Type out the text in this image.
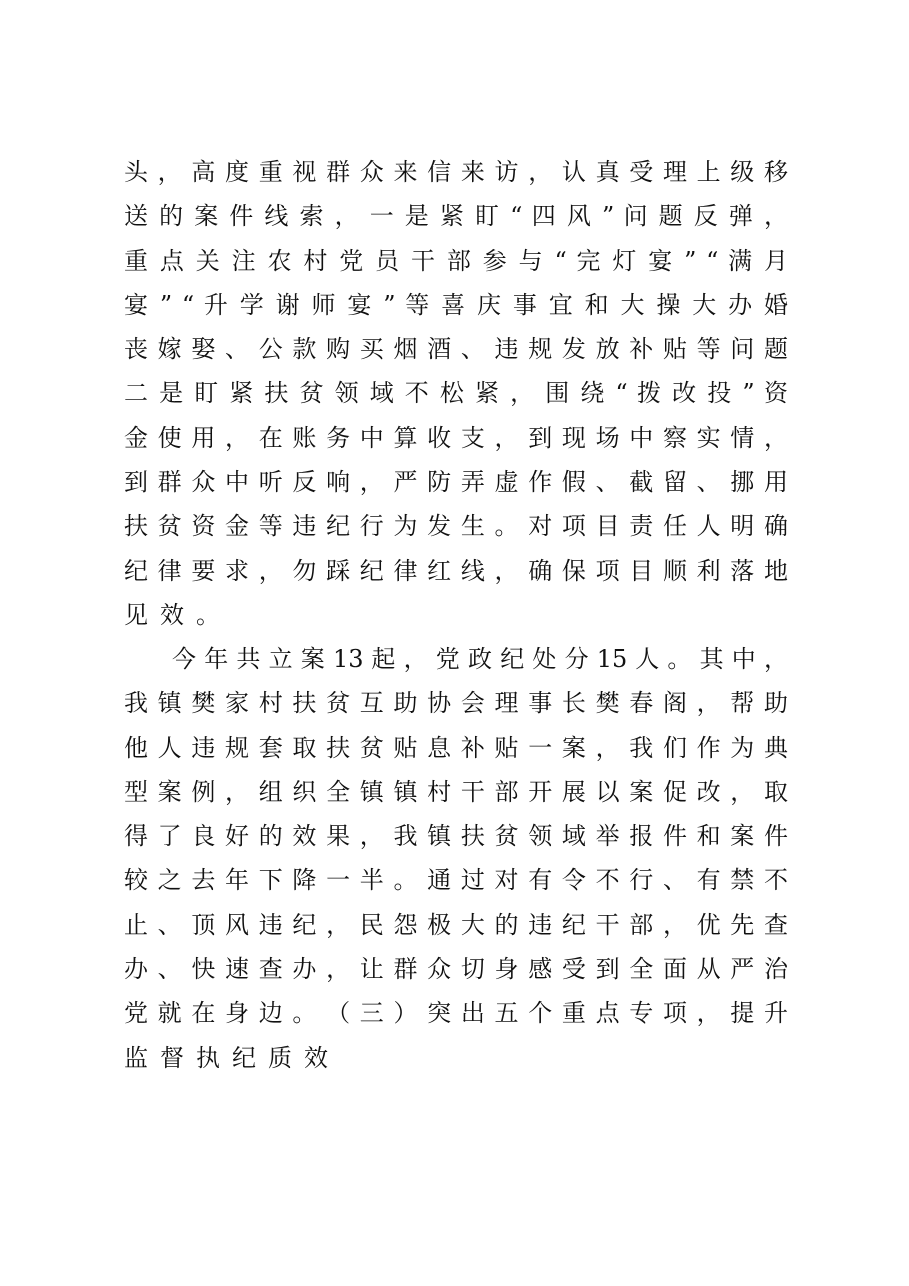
头 ， 高 度 重 视 群 众 来 信 来 访 ， 认 真 受 理 上 级 移
送 的 案 件 线 索 ， 一 是 紧 盯 “ 四 风 ” 问 题 反 弹 ，
重 点 关 注 农 村 党 员 干 部 参 与 “ 完 灯 宴 ” “ 满 月
宴 ” “ 升 学 谢 师 宴 ” 等 喜 庆 事 宜 和 大 操 大 办 婚
丧 嫁 娶 、 公 款 购 买 烟 酒 、 违 规 发 放 补 贴 等 问 题
二 是 盯 紧 扶 贫 领 域 不 松 紧 ， 围 绕 “ 拨 改 投 ” 资
金 使 用 ， 在 账 务 中 算 收 支 ， 到 现 场 中 察 实 情 ，
到 群 众 中 听 反 响 ， 严 防 弄 虚 作 假 、 截 留 、 挪 用
扶 贫 资 金 等 违 纪 行 为 发 生 。 对 项 目 责 任 人 明 确
纪 律 要 求 ， 勿 踩 纪 律 红 线 ， 确 保 项 目 顺 利 落 地
见效。
今 年 共 立 案 13 起 ， 党 政 纪 处 分 15 人 。 其 中 ，
我 镇 樊 家 村 扶 贫 互 助 协 会 理 事 长 樊 春 阁 ， 帮 助
他 人 违 规 套 取 扶 贫 贴 息 补 贴 一 案 ， 我 们 作 为 典
型 案 例 ， 组 织 全 镇 镇 村 干 部 开 展 以 案 促 改 ， 取
得 了 良 好 的 效 果 ， 我 镇 扶 贫 领 域 举 报 件 和 案 件
较 之 去 年 下 降 一 半 。 通 过 对 有 令 不 行 、 有 禁 不
止 、 顶 风 违 纪 ， 民 怨 极 大 的 违 纪 干 部 ， 优 先 查
办 、 快 速 查 办 ， 让 群 众 切 身 感 受 到 全 面 从 严 治
党 就 在 身 边 。 （ 三 ） 突 出 五 个 重 点 专 项 ， 提 升
监督执纪质效
